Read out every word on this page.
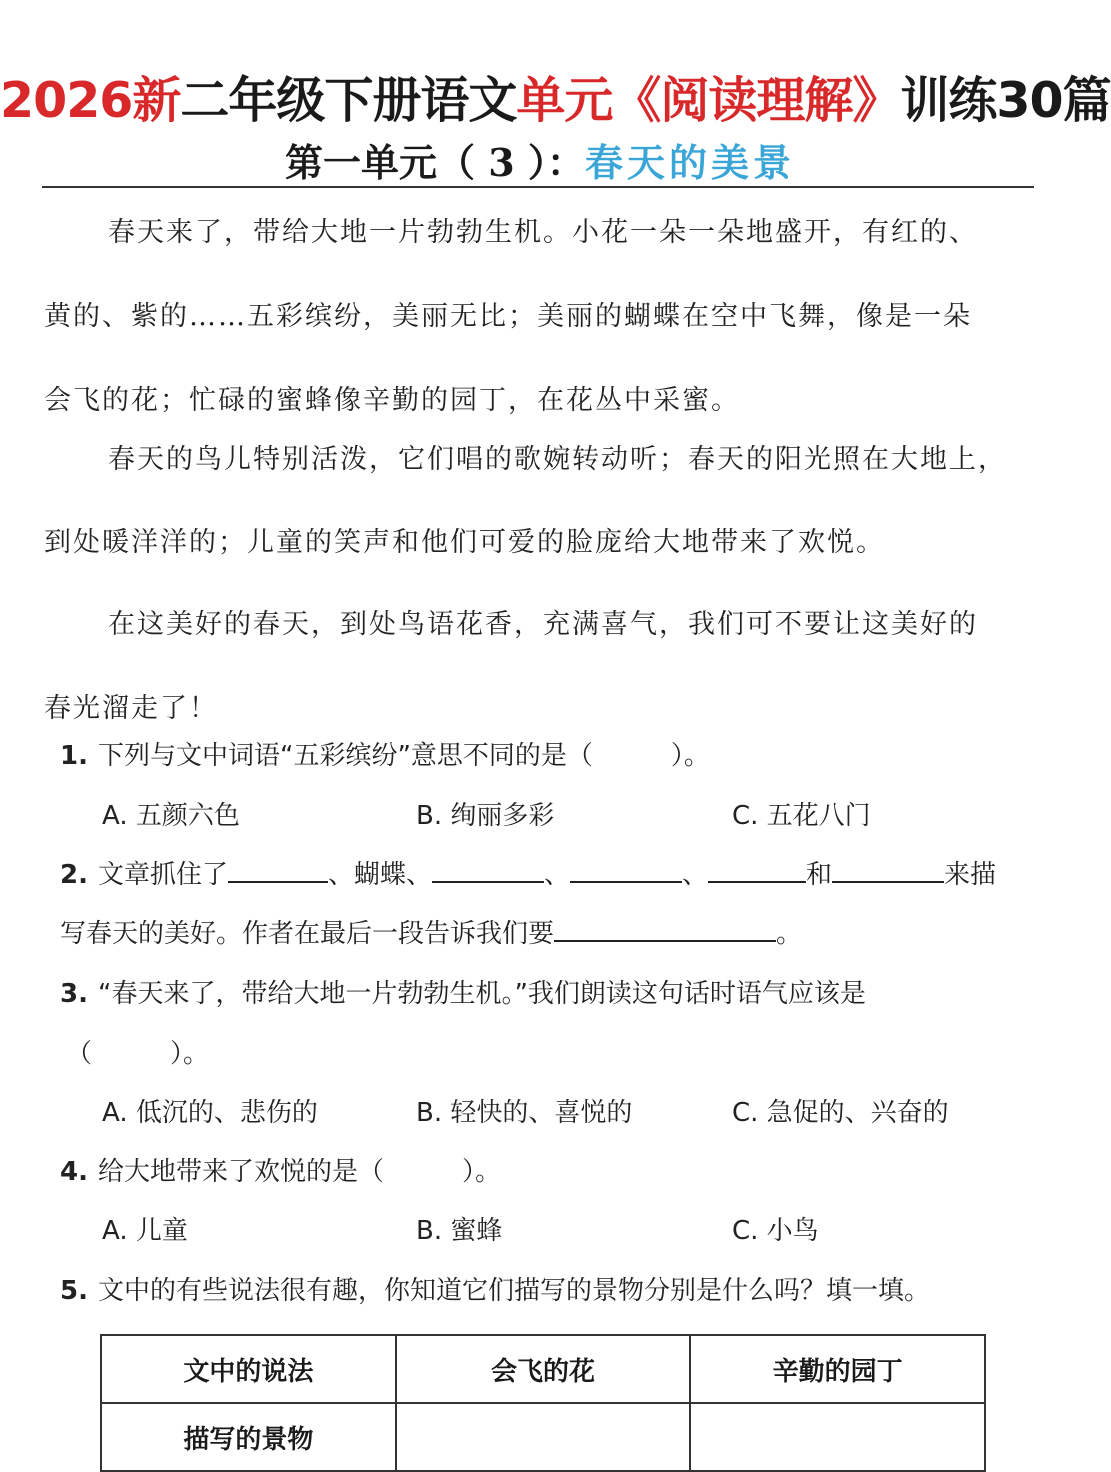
2026新二年级下册语文单元《阅读理解》训练30篇
第一单元（ 3 ）：春天的美景
春天来了，带给大地一片勃勃生机。小花一朵一朵地盛开，有红的、
黄的、紫的……五彩缤纷，美丽无比；美丽的蝴蝶在空中飞舞，像是一朵
会飞的花；忙碌的蜜蜂像辛勤的园丁，在花丛中采蜜。
春天的鸟儿特别活泼，它们唱的歌婉转动听；春天的阳光照在大地上，
到处暖洋洋的；儿童的笑声和他们可爱的脸庞给大地带来了欢悦。
在这美好的春天，到处鸟语花香，充满喜气，我们可不要让这美好的
春光溜走了！
1. 下列与文中词语“五彩缤纷”意思不同的是（　　　）。
A. 五颜六色	B. 绚丽多彩	C. 五花八门
2. 文章抓住了	、蝴蝶、	、	、	和	来描
写春天的美好。作者在最后一段告诉我们要	。
3. “春天来了，带给大地一片勃勃生机。”我们朗读这句话时语气应该是
（　　　）。
A. 低沉的、悲伤的	B. 轻快的、喜悦的	C. 急促的、兴奋的
4. 给大地带来了欢悦的是（　　　）。
A. 儿童	B. 蜜蜂	C. 小鸟
5. 文中的有些说法很有趣，你知道它们描写的景物分别是什么吗？填一填。
文中的说法	会飞的花	辛勤的园丁
描写的景物		
